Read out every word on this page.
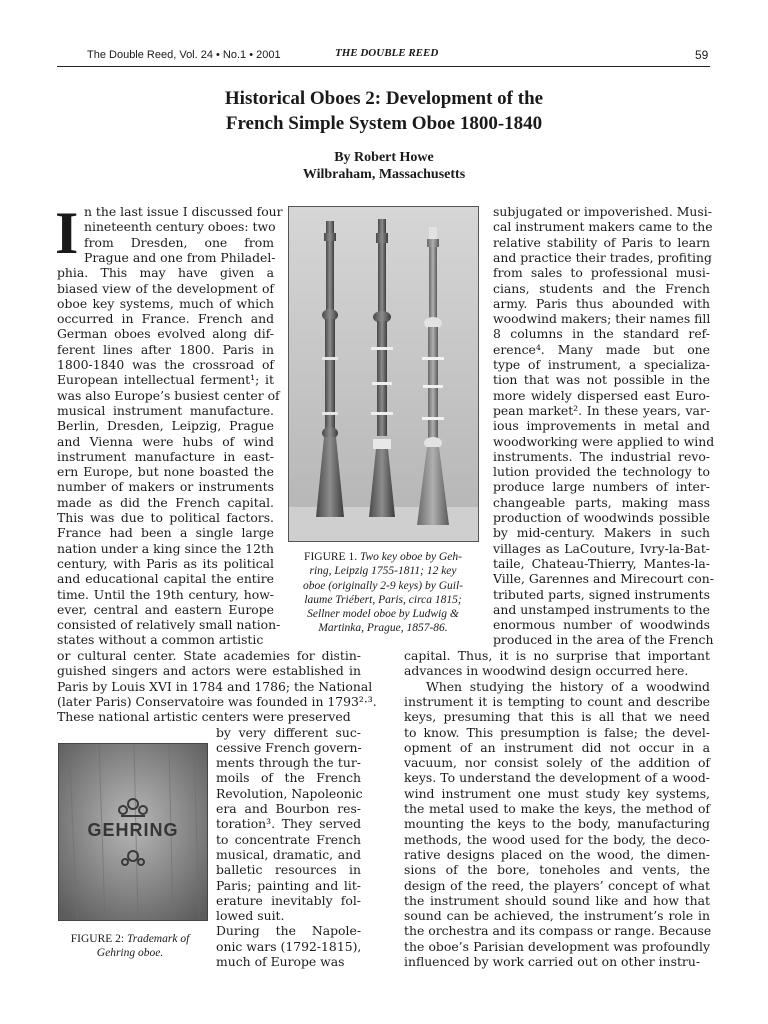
The Double Reed, Vol. 24 • No.1 • 2001	THE DOUBLE REED	59
Historical Oboes 2: Development of the
French Simple System Oboe 1800-1840
By Robert Howe
Wilbraham, Massachusetts
I n the last issue I discussed four
nineteenth century oboes: two
from Dresden, one from
Prague and one from Philadel-
phia. This may have given a
biased view of the development of
oboe key systems, much of which
occurred in France. French and
German oboes evolved along dif-
ferent lines after 1800. Paris in
1800-1840 was the crossroad of
European intellectual ferment¹; it
was also Europe’s busiest center of
musical instrument manufacture.
Berlin, Dresden, Leipzig, Prague
and Vienna were hubs of wind
instrument manufacture in east-
ern Europe, but none boasted the
number of makers or instruments
made as did the French capital.
This was due to political factors.
France had been a single large
nation under a king since the 12th
century, with Paris as its political
and educational capital the entire
time. Until the 19th century, how-
ever, central and eastern Europe
consisted of relatively small nation-
states without a common artistic
or cultural center. State academies for distin-
guished singers and actors were established in
Paris by Louis XVI in 1784 and 1786; the National
(later Paris) Conservatoire was founded in 1793²·³.
These national artistic centers were preserved
by very different suc-
cessive French govern-
ments through the tur-
moils of the French
Revolution, Napoleonic
era and Bourbon res-
toration³. They served
to concentrate French
musical, dramatic, and
balletic resources in
Paris; painting and lit-
erature inevitably fol-
lowed suit.
During the Napole-
onic wars (1792-1815),
much of Europe was
subjugated or impoverished. Musi-
cal instrument makers came to the
relative stability of Paris to learn
and practice their trades, profiting
from sales to professional musi-
cians, students and the French
army. Paris thus abounded with
woodwind makers; their names fill
8 columns in the standard ref-
erence⁴. Many made but one
type of instrument, a specializa-
tion that was not possible in the
more widely dispersed east Euro-
pean market². In these years, var-
ious improvements in metal and
woodworking were applied to wind
instruments. The industrial revo-
lution provided the technology to
produce large numbers of inter-
changeable parts, making mass
production of woodwinds possible
by mid-century. Makers in such
villages as LaCouture, Ivry-la-Bat-
taile, Chateau-Thierry, Mantes-la-
Ville, Garennes and Mirecourt con-
tributed parts, signed instruments
and unstamped instruments to the
enormous number of woodwinds
produced in the area of the French
capital. Thus, it is no surprise that important
advances in woodwind design occurred here.
When studying the history of a woodwind
instrument it is tempting to count and describe
keys, presuming that this is all that we need
to know. This presumption is false; the devel-
opment of an instrument did not occur in a
vacuum, nor consist solely of the addition of
keys. To understand the development of a wood-
wind instrument one must study key systems,
the metal used to make the keys, the method of
mounting the keys to the body, manufacturing
methods, the wood used for the body, the deco-
rative designs placed on the wood, the dimen-
sions of the bore, toneholes and vents, the
design of the reed, the players’ concept of what
the instrument should sound like and how that
sound can be achieved, the instrument’s role in
the orchestra and its compass or range. Because
the oboe’s Parisian development was profoundly
influenced by work carried out on other instru-
FIGURE 1. Two key oboe by Geh-
ring, Leipzig 1755-1811; 12 key
oboe (originally 2-9 keys) by Guil-
laume Triébert, Paris, circa 1815;
Sellner model oboe by Ludwig &
Martinka, Prague, 1857-86.
GEHRING
FIGURE 2: Trademark of
Gehring oboe.
